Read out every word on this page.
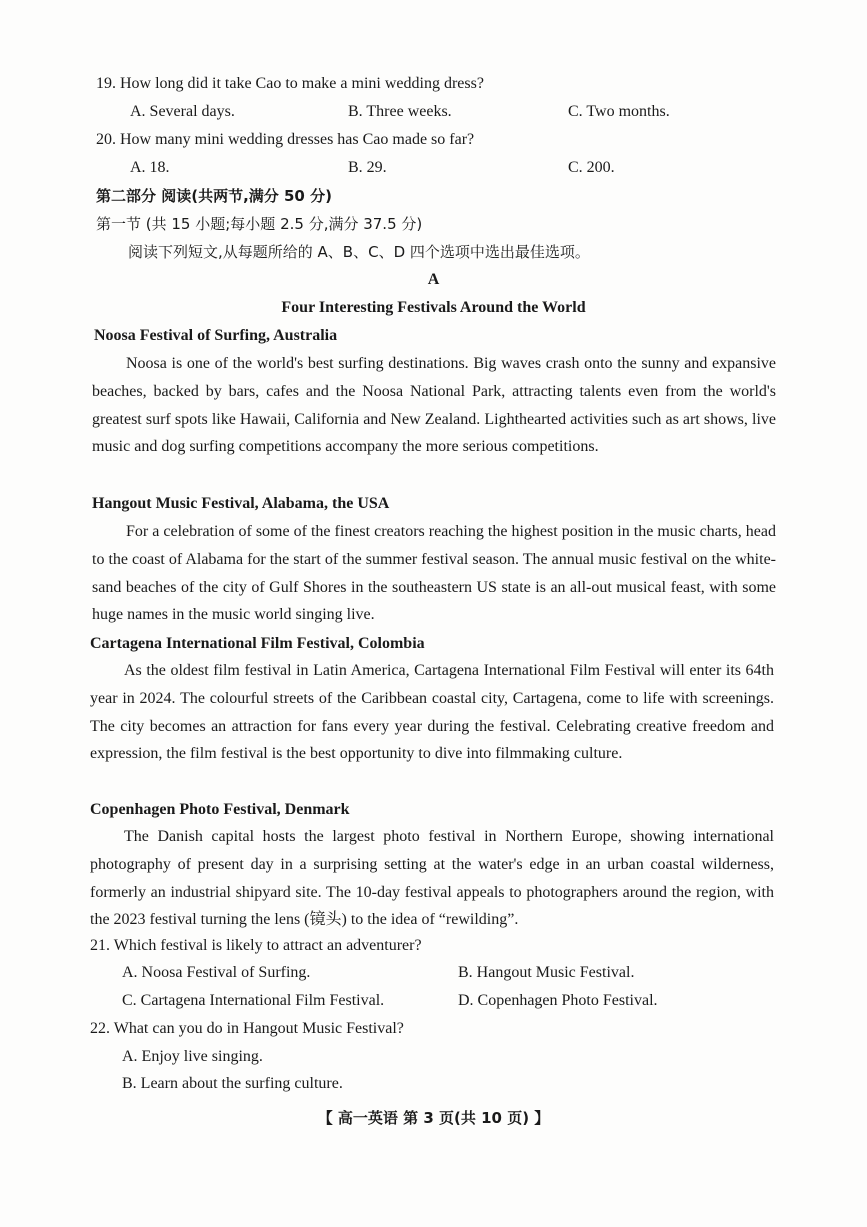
19. How long did it take Cao to make a mini wedding dress?
A. Several days.	B. Three weeks.	C. Two months.
20. How many mini wedding dresses has Cao made so far?
A. 18.	B. 29.	C. 200.
第二部分 阅读(共两节,满分 50 分)
第一节 (共 15 小题;每小题 2.5 分,满分 37.5 分)
阅读下列短文,从每题所给的 A、B、C、D 四个选项中选出最佳选项。
A
Four Interesting Festivals Around the World
Noosa Festival of Surfing, Australia
Noosa is one of the world's best surfing destinations. Big waves crash onto the sunny and expansive beaches, backed by bars, cafes and the Noosa National Park, attracting talents even from the world's greatest surf spots like Hawaii, California and New Zealand. Lighthearted activities such as art shows, live music and dog surfing competitions accompany the more serious competitions.
Hangout Music Festival, Alabama, the USA
For a celebration of some of the finest creators reaching the highest position in the music charts, head to the coast of Alabama for the start of the summer festival season. The annual music festival on the white-sand beaches of the city of Gulf Shores in the southeastern US state is an all-out musical feast, with some huge names in the music world singing live.
Cartagena International Film Festival, Colombia
As the oldest film festival in Latin America, Cartagena International Film Festival will enter its 64th year in 2024. The colourful streets of the Caribbean coastal city, Cartagena, come to life with screenings. The city becomes an attraction for fans every year during the festival. Celebrating creative freedom and expression, the film festival is the best opportunity to dive into filmmaking culture.
Copenhagen Photo Festival, Denmark
The Danish capital hosts the largest photo festival in Northern Europe, showing international photography of present day in a surprising setting at the water's edge in an urban coastal wilderness, formerly an industrial shipyard site. The 10-day festival appeals to photographers around the region, with the 2023 festival turning the lens (镜头) to the idea of “rewilding”.
21. Which festival is likely to attract an adventurer?
A. Noosa Festival of Surfing.	B. Hangout Music Festival.
C. Cartagena International Film Festival.	D. Copenhagen Photo Festival.
22. What can you do in Hangout Music Festival?
A. Enjoy live singing.
B. Learn about the surfing culture.
【 高一英语 第 3 页(共 10 页) 】
